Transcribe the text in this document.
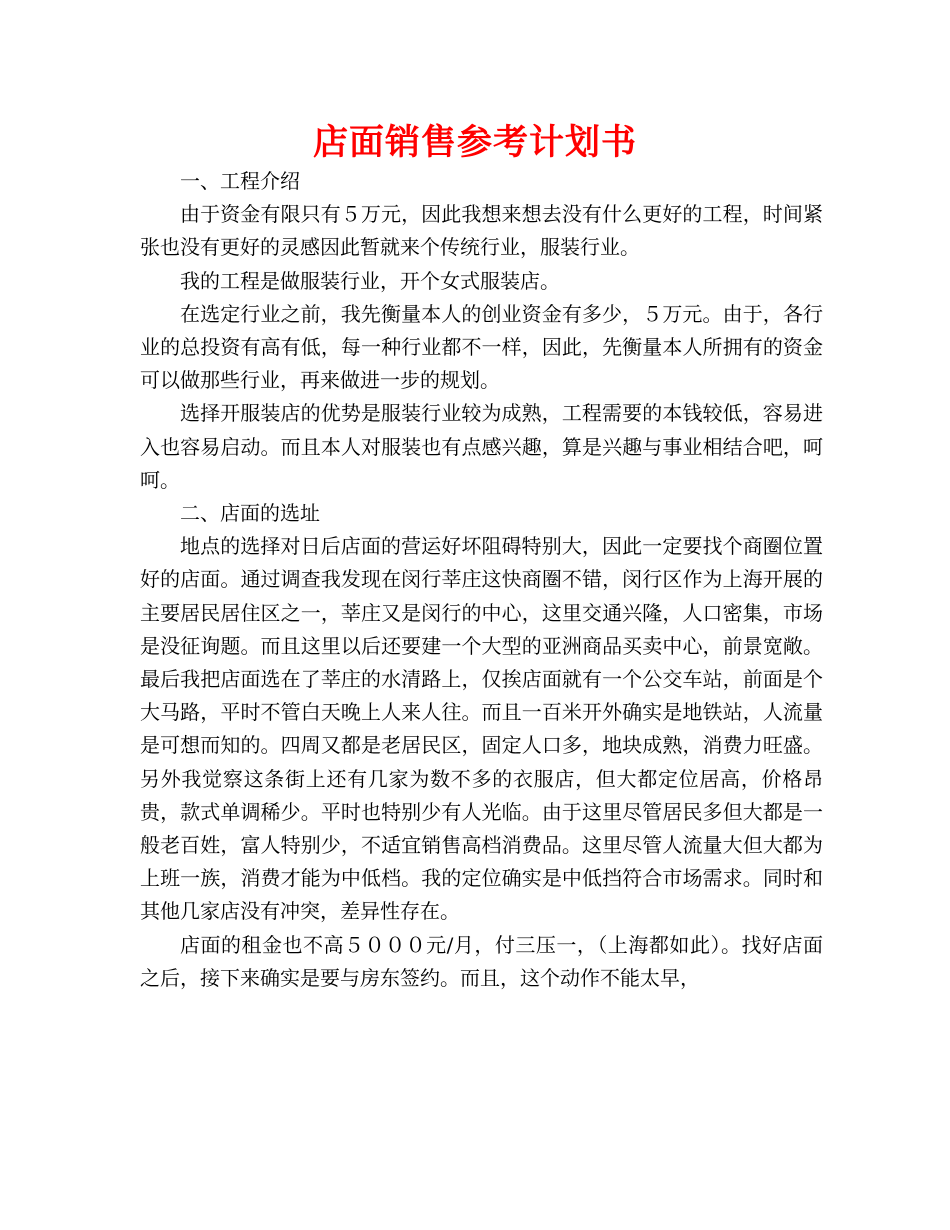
店面销售参考计划书

一、工程介绍

由于资金有限只有５万元，因此我想来想去没有什么更好的工程，时间紧张也没有更好的灵感因此暂就来个传统行业，服装行业。

我的工程是做服装行业，开个女式服装店。

在选定行业之前，我先衡量本人的创业资金有多少，５万元。由于，各行业的总投资有高有低，每一种行业都不一样，因此，先衡量本人所拥有的资金可以做那些行业，再来做进一步的规划。

选择开服装店的优势是服装行业较为成熟，工程需要的本钱较低，容易进入也容易启动。而且本人对服装也有点感兴趣，算是兴趣与事业相结合吧，呵呵。

二、店面的选址

地点的选择对日后店面的营运好坏阻碍特别大，因此一定要找个商圈位置好的店面。通过调查我发现在闵行莘庄这快商圈不错，闵行区作为上海开展的主要居民居住区之一，莘庄又是闵行的中心，这里交通兴隆，人口密集，市场是没征询题。而且这里以后还要建一个大型的亚洲商品买卖中心，前景宽敞。最后我把店面选在了莘庄的水清路上，仅挨店面就有一个公交车站，前面是个大马路，平时不管白天晚上人来人往。而且一百米开外确实是地铁站，人流量是可想而知的。四周又都是老居民区，固定人口多，地块成熟，消费力旺盛。另外我觉察这条街上还有几家为数不多的衣服店，但大都定位居高，价格昂贵，款式单调稀少。平时也特别少有人光临。由于这里尽管居民多但大都是一般老百姓，富人特别少，不适宜销售高档消费品。这里尽管人流量大但大都为上班一族，消费才能为中低档。我的定位确实是中低挡符合市场需求。同时和其他几家店没有冲突，差异性存在。

店面的租金也不高５０００元/月，付三压一，（上海都如此）。找好店面之后，接下来确实是要与房东签约。而且，这个动作不能太早，
